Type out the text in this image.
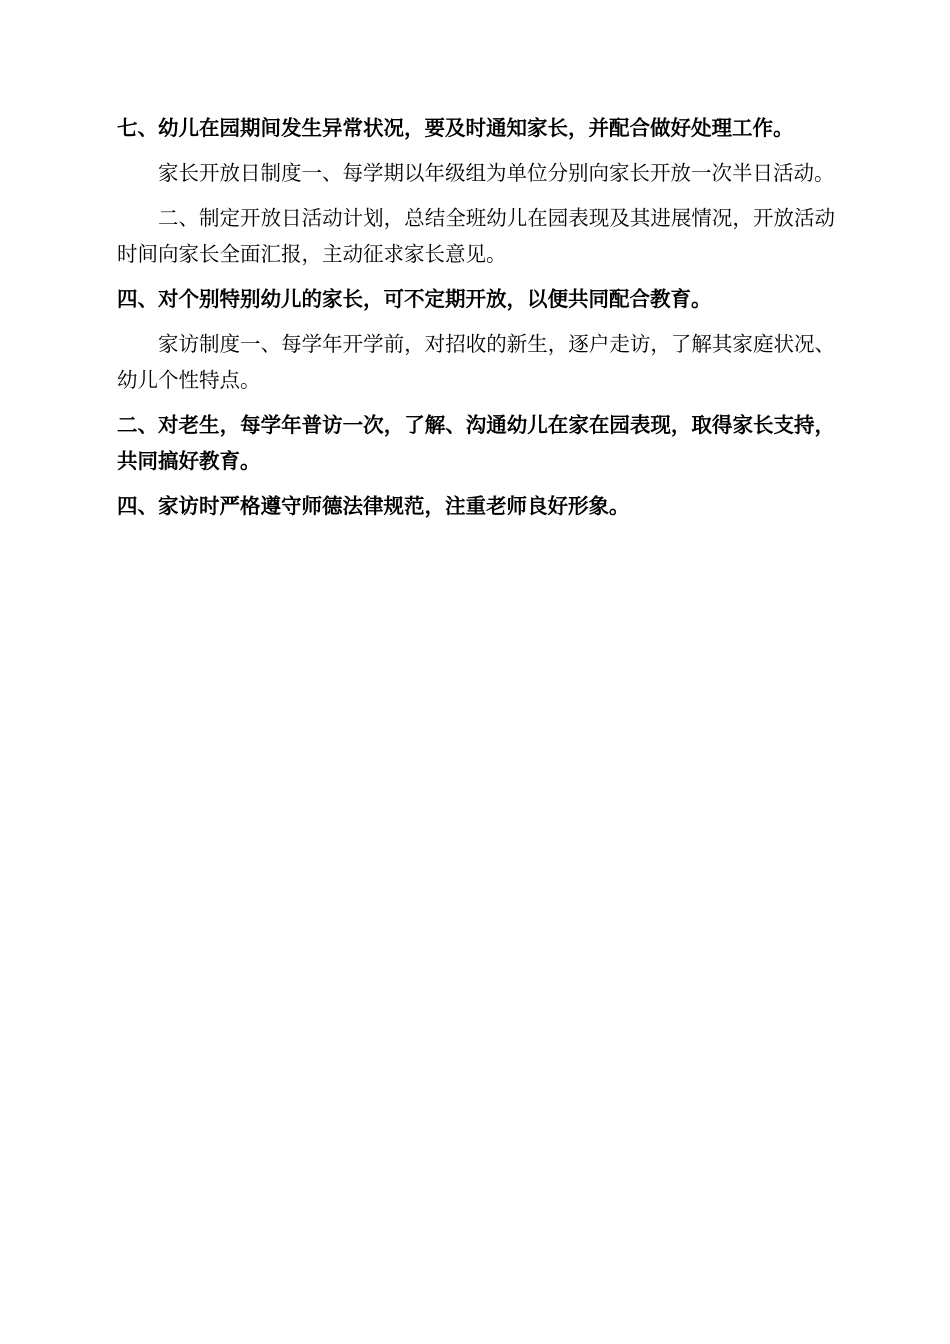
七、幼儿在园期间发生异常状况，要及时通知家长，并配合做好处理工作。

家长开放日制度一、每学期以年级组为单位分别向家长开放一次半日活动。

二、制定开放日活动计划，总结全班幼儿在园表现及其进展情况，开放活动时间向家长全面汇报，主动征求家长意见。

四、对个别特别幼儿的家长，可不定期开放，以便共同配合教育。

家访制度一、每学年开学前，对招收的新生，逐户走访，了解其家庭状况、幼儿个性特点。

二、对老生，每学年普访一次，了解、沟通幼儿在家在园表现，取得家长支持，共同搞好教育。

四、家访时严格遵守师德法律规范，注重老师良好形象。
